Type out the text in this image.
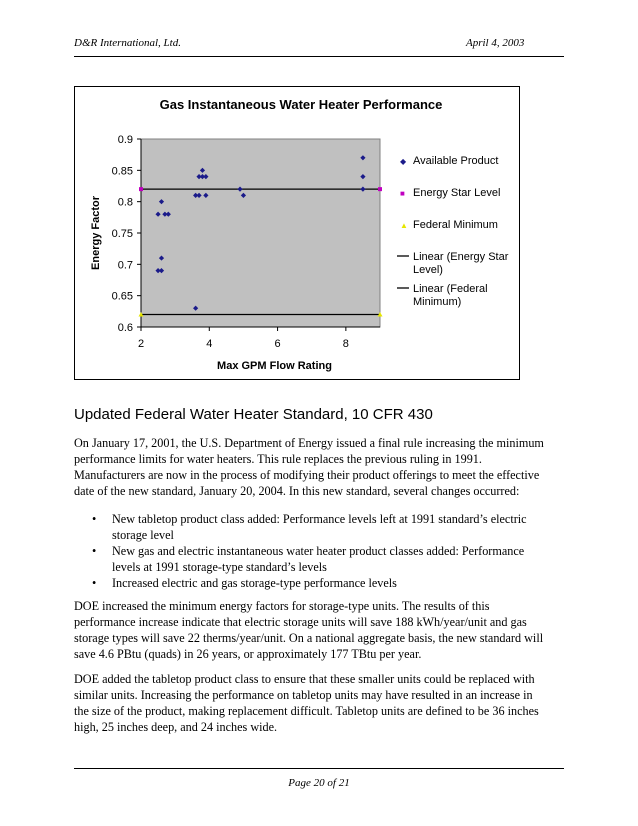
D&R International, Ltd.	April 4, 2003
Gas Instantaneous Water Heater Performance
0.9
0.85
0.8
0.75
0.7
0.65
0.6
2	4	6	8
Max GPM Flow Rating
Energy Factor
◆ Available Product
■ Energy Star Level
▲ Federal Minimum
Linear (Energy Star
Level)
Linear (Federal
Minimum)
Updated Federal Water Heater Standard, 10 CFR 430
On January 17, 2001, the U.S. Department of Energy issued a final rule increasing the minimum
performance limits for water heaters. This rule replaces the previous ruling in 1991.
Manufacturers are now in the process of modifying their product offerings to meet the effective
date of the new standard, January 20, 2004. In this new standard, several changes occurred:
• New tabletop product class added: Performance levels left at 1991 standard’s electric
storage level
• New gas and electric instantaneous water heater product classes added: Performance
levels at 1991 storage-type standard’s levels
• Increased electric and gas storage-type performance levels
DOE increased the minimum energy factors for storage-type units. The results of this
performance increase indicate that electric storage units will save 188 kWh/year/unit and gas
storage types will save 22 therms/year/unit. On a national aggregate basis, the new standard will
save 4.6 PBtu (quads) in 26 years, or approximately 177 TBtu per year.
DOE added the tabletop product class to ensure that these smaller units could be replaced with
similar units. Increasing the performance on tabletop units may have resulted in an increase in
the size of the product, making replacement difficult. Tabletop units are defined to be 36 inches
high, 25 inches deep, and 24 inches wide.
Page 20 of 21
